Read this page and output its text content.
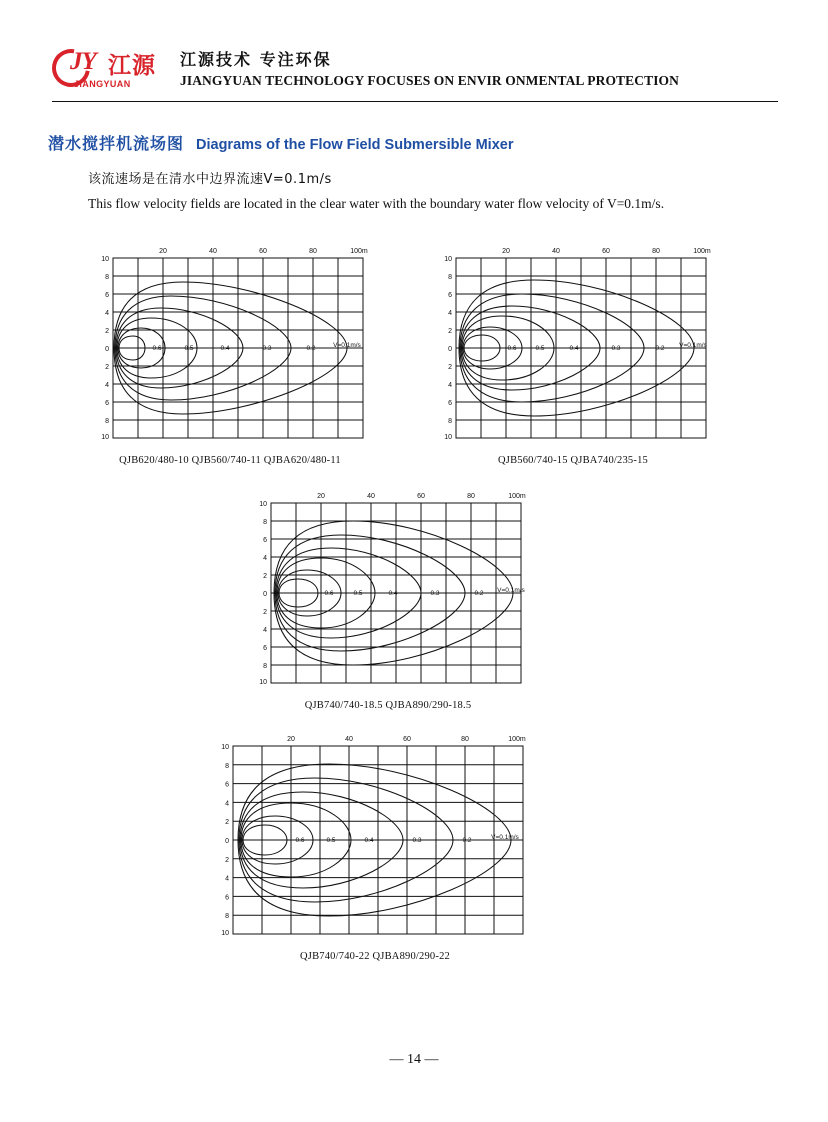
JY 江源
JIANGYUAN
江源技术 专注环保
JIANGYUAN TECHNOLOGY FOCUSES ON ENVIR ONMENTAL PROTECTION
潜水搅拌机流场图 Diagrams of the Flow Field Submersible Mixer
该流速场是在清水中边界流速V=0.1m/s
This flow velocity fields are located in the clear water with the boundary water flow velocity of V=0.1m/s.
20	40	60	80	100m
10
8
6
4
2
0
2
4
6
8
10
0.6	0.5	0.4	0.3	0.2	V=0.1m/s
QJB620/480-10 QJB560/740-11 QJBA620/480-11
20	40	60	80	100m
10
8
6
4
2
0
2
4
6
8
10
0.6	0.5	0.4	0.3	0.2 V=0.1m/s
QJB560/740-15 QJBA740/235-15
20	40	60	80	100m
10
8
6
4
2
0
2
4
6
8
10
0.6	0.5	0.4	0.3	0.2 V=0.1m/s
QJB740/740-18.5 QJBA890/290-18.5
20	40	60	80	100m
10
8
6
4
2
0
2
4
6
8
10
0.6	0.5	0.4	0.3	0.2	V=0.1m/s
QJB740/740-22 QJBA890/290-22
— 14 —
